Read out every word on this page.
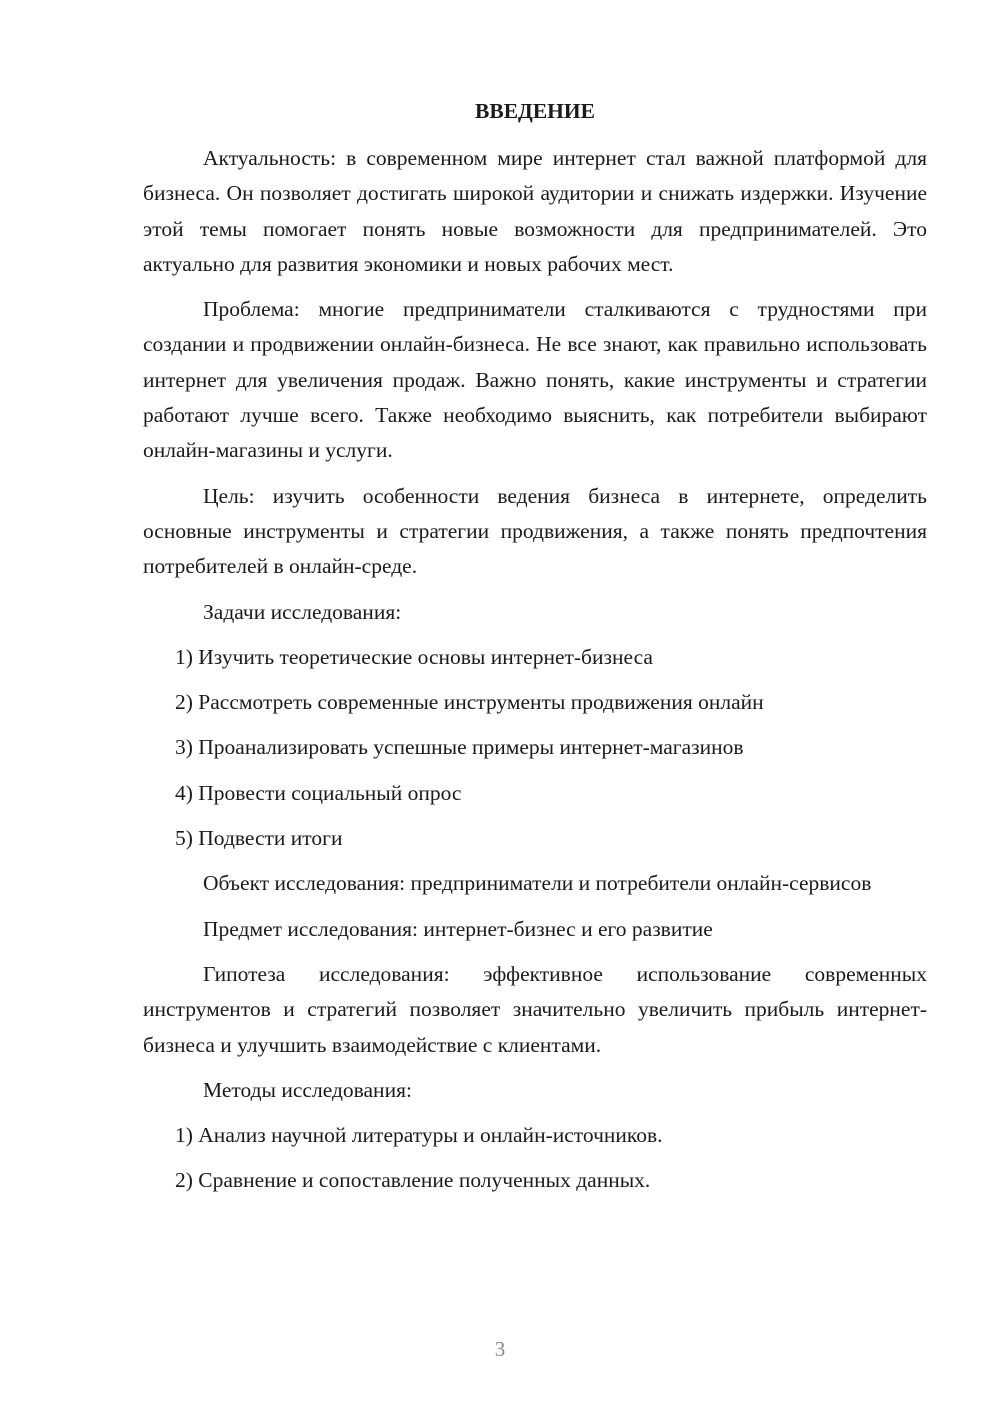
ВВЕДЕНИЕ

Актуальность: в современном мире интернет стал важной платформой для бизнеса. Он позволяет достигать широкой аудитории и снижать издержки. Изучение этой темы помогает понять новые возможности для предпринимателей. Это актуально для развития экономики и новых рабочих мест.

Проблема: многие предприниматели сталкиваются с трудностями при создании и продвижении онлайн-бизнеса. Не все знают, как правильно использовать интернет для увеличения продаж. Важно понять, какие инструменты и стратегии работают лучше всего. Также необходимо выяснить, как потребители выбирают онлайн-магазины и услуги.

Цель: изучить особенности ведения бизнеса в интернете, определить основные инструменты и стратегии продвижения, а также понять предпочтения потребителей в онлайн-среде.

Задачи исследования:

1) Изучить теоретические основы интернет-бизнеса

2) Рассмотреть современные инструменты продвижения онлайн

3) Проанализировать успешные примеры интернет-магазинов

4) Провести социальный опрос

5) Подвести итоги

Объект исследования: предприниматели и потребители онлайн-сервисов

Предмет исследования: интернет-бизнес и его развитие

Гипотеза исследования: эффективное использование современных инструментов и стратегий позволяет значительно увеличить прибыль интернет-бизнеса и улучшить взаимодействие с клиентами.

Методы исследования:

1) Анализ научной литературы и онлайн-источников.

2) Сравнение и сопоставление полученных данных.

3
